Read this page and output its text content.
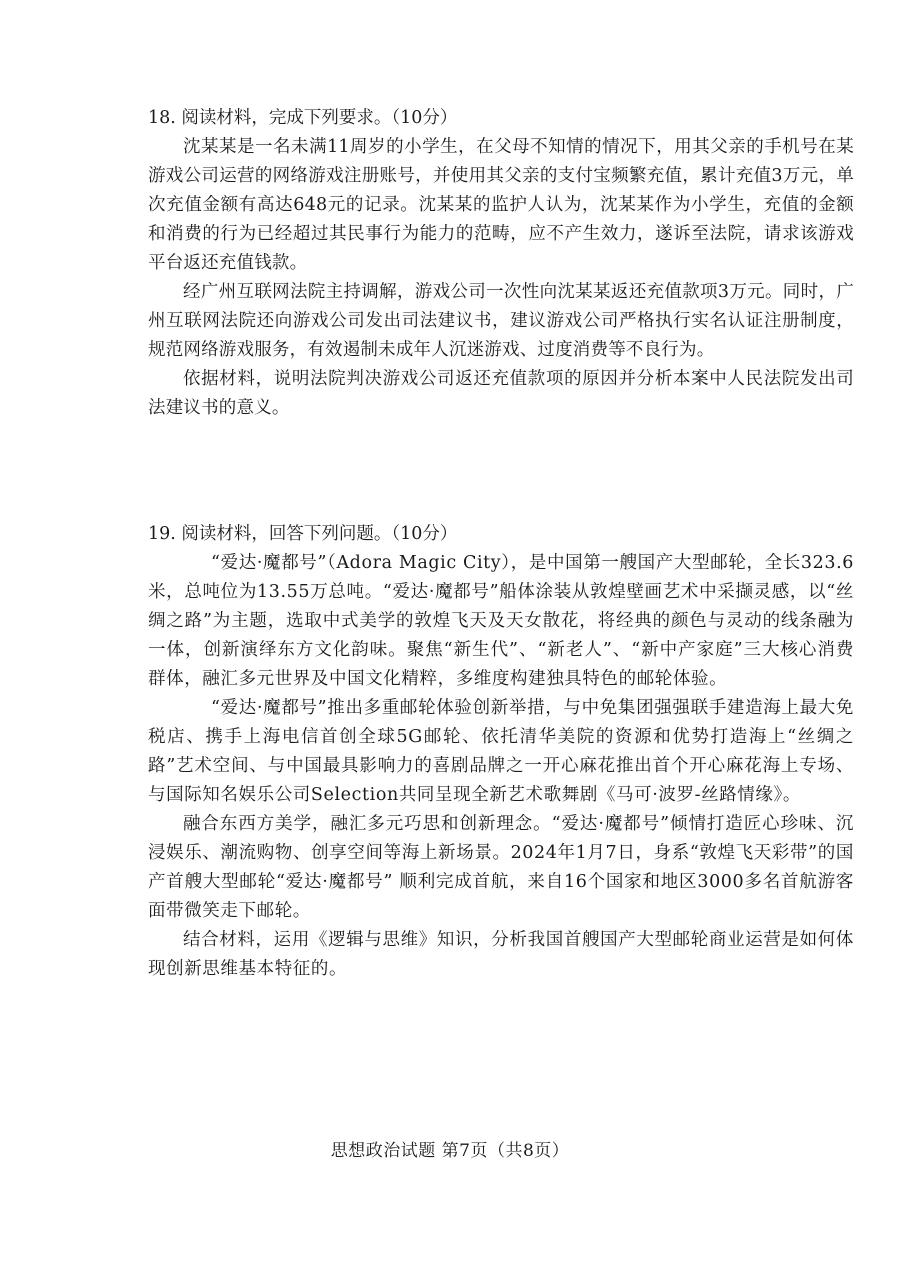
18. 阅读材料，完成下列要求。（10分）

沈某某是一名未满11周岁的小学生，在父母不知情的情况下，用其父亲的手机号在某游戏公司运营的网络游戏注册账号，并使用其父亲的支付宝频繁充值，累计充值3万元，单次充值金额有高达648元的记录。沈某某的监护人认为，沈某某作为小学生，充值的金额和消费的行为已经超过其民事行为能力的范畴，应不产生效力，遂诉至法院，请求该游戏平台返还充值钱款。

经广州互联网法院主持调解，游戏公司一次性向沈某某返还充值款项3万元。同时，广州互联网法院还向游戏公司发出司法建议书，建议游戏公司严格执行实名认证注册制度，规范网络游戏服务，有效遏制未成年人沉迷游戏、过度消费等不良行为。

依据材料，说明法院判决游戏公司返还充值款项的原因并分析本案中人民法院发出司法建议书的意义。

19. 阅读材料，回答下列问题。（10分）

“爱达·魔都号”（Adora Magic City），是中国第一艘国产大型邮轮，全长323.6米，总吨位为13.55万总吨。“爱达·魔都号”船体涂装从敦煌壁画艺术中采撷灵感，以“丝绸之路”为主题，选取中式美学的敦煌飞天及天女散花，将经典的颜色与灵动的线条融为一体，创新演绎东方文化韵味。聚焦“新生代”、“新老人”、“新中产家庭”三大核心消费群体，融汇多元世界及中国文化精粹，多维度构建独具特色的邮轮体验。

“爱达·魔都号”推出多重邮轮体验创新举措，与中免集团强强联手建造海上最大免税店、携手上海电信首创全球5G邮轮、依托清华美院的资源和优势打造海上“丝绸之路”艺术空间、与中国最具影响力的喜剧品牌之一开心麻花推出首个开心麻花海上专场、与国际知名娱乐公司Selection共同呈现全新艺术歌舞剧《马可·波罗-丝路情缘》。

融合东西方美学，融汇多元巧思和创新理念。“爱达·魔都号”倾情打造匠心珍味、沉浸娱乐、潮流购物、创享空间等海上新场景。2024年1月7日，身系“敦煌飞天彩带”的国产首艘大型邮轮“爱达·魔都号” 顺利完成首航，来自16个国家和地区3000多名首航游客面带微笑走下邮轮。

结合材料，运用《逻辑与思维》知识，分析我国首艘国产大型邮轮商业运营是如何体现创新思维基本特征的。

思想政治试题 第7页（共8页）
